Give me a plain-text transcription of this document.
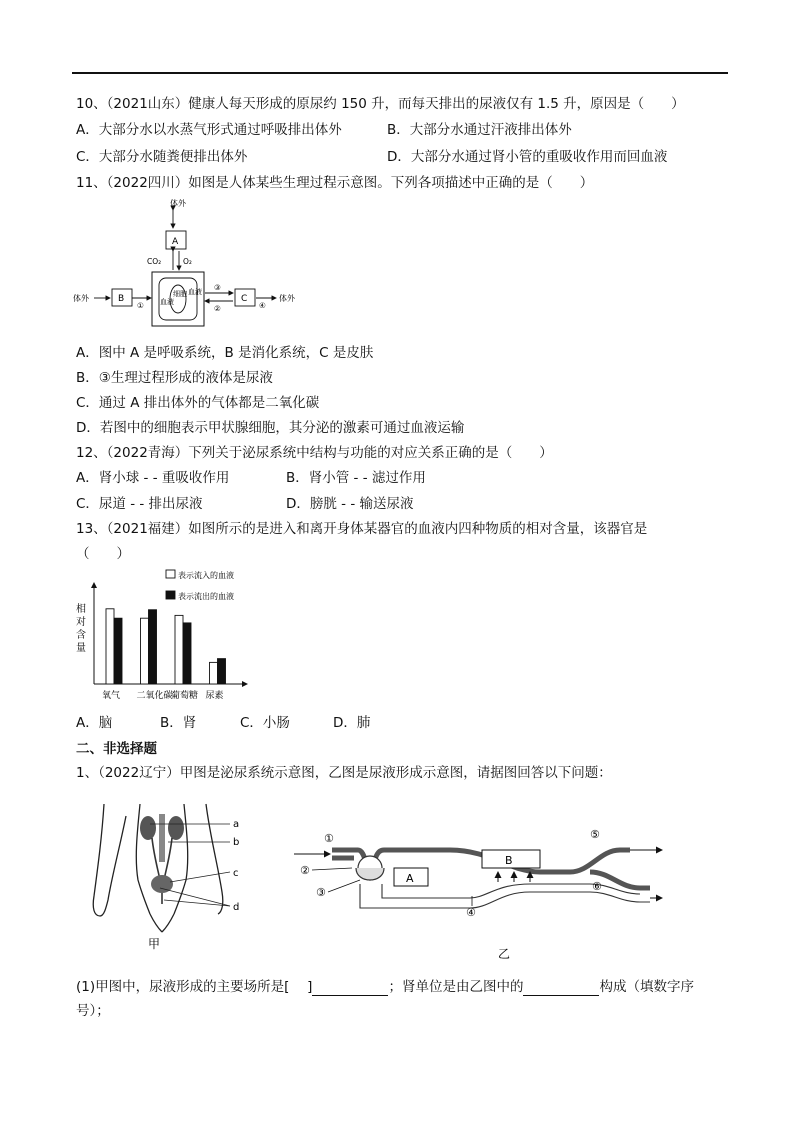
10、（2021山东）健康人每天形成的原尿约 150 升，而每天排出的尿液仅有 1.5 升，原因是（　　）
A．大部分水以水蒸气形式通过呼吸排出体外	B．大部分水通过汗液排出体外
C．大部分水随粪便排出体外	D．大部分水通过肾小管的重吸收作用而回血液
11、（2022四川）如图是人体某些生理过程示意图。下列各项描述中正确的是（　　）
体外
A
CO₂	O₂
细胞 血液
血液
体外	B
①
③
②
C
④
体外
A．图中 A 是呼吸系统，B 是消化系统，C 是皮肤
B．③生理过程形成的液体是尿液
C．通过 A 排出体外的气体都是二氧化碳
D．若图中的细胞表示甲状腺细胞，其分泌的激素可通过血液运输
12、（2022青海）下列关于泌尿系统中结构与功能的对应关系正确的是（　　）
A．肾小球 - - 重吸收作用	B．肾小管 - - 滤过作用
C．尿道 - - 排出尿液	D．膀胱 - - 输送尿液
13、（2021福建）如图所示的是进入和离开身体某器官的血液内四种物质的相对含量，该器官是
（　　）
相
对
含
量
表示流入的血液
表示流出的血液
氧气 二氧化碳
葡萄糖 尿素
A．脑	B．肾	C．小肠	D．肺
二、非选择题
1、（2022辽宁）甲图是泌尿系统示意图，乙图是尿液形成示意图，请据图回答以下问题：
a
b
c
d
甲
①
A
B
②
③
④
⑤
⑥
乙
(1)甲图中，尿液形成的主要场所是[　 ]	；肾单位是由乙图中的	构成（填数字序
号）；
